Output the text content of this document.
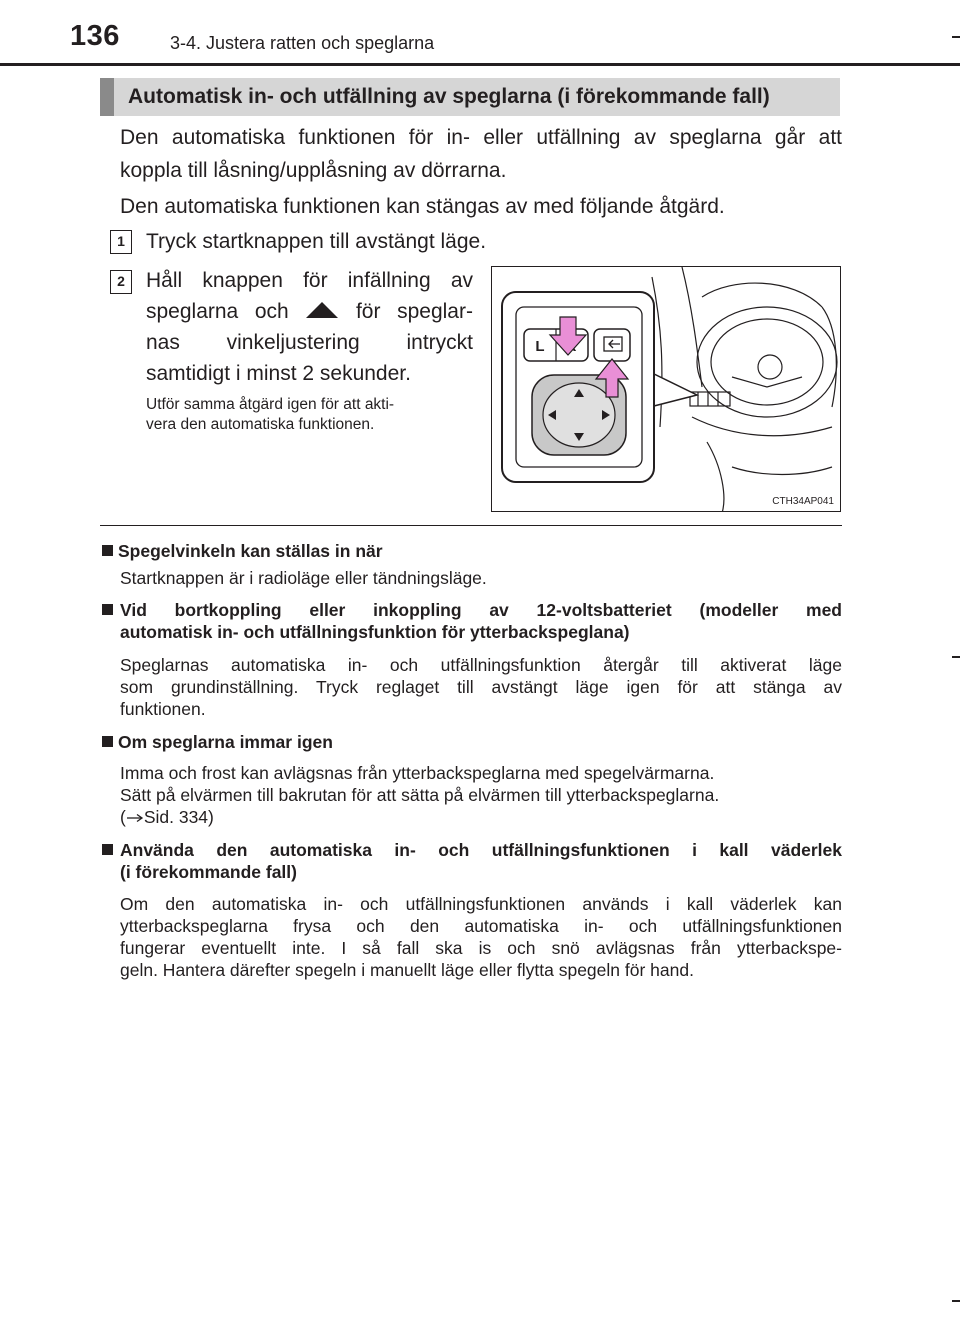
136	3-4. Justera ratten och speglarna
Automatisk in- och utfällning av speglarna (i förekommande fall)
Den automatiska funktionen för in- eller utfällning av speglarna går att
koppla till låsning/upplåsning av dörrarna.
Den automatiska funktionen kan stängas av med följande åtgärd.
1	Tryck startknappen till avstängt läge.
2	Håll knappen för infällning av
speglarna och	för speglar-
nas vinkeljustering intryckt
samtidigt i minst 2 sekunder.
Utför samma åtgärd igen för att akti-
vera den automatiska funktionen.
L
CTH34AP041
Spegelvinkeln kan ställas in när
Startknappen är i radioläge eller tändningsläge.
Vid bortkoppling eller inkoppling av 12-voltsbatteriet (modeller med
automatisk in- och utfällningsfunktion för ytterbackspeglana)
Speglarnas automatiska in- och utfällningsfunktion återgår till aktiverat läge
som grundinställning. Tryck reglaget till avstängt läge igen för att stänga av
funktionen.
Om speglarna immar igen
Imma och frost kan avlägsnas från ytterbackspeglarna med spegelvärmarna.
Sätt på elvärmen till bakrutan för att sätta på elvärmen till ytterbackspeglarna.
( Sid. 334)
Använda den automatiska in- och utfällningsfunktionen i kall väderlek
(i förekommande fall)
Om den automatiska in- och utfällningsfunktionen används i kall väderlek kan
ytterbackspeglarna frysa och den automatiska in- och utfällningsfunktionen
fungerar eventuellt inte. I så fall ska is och snö avlägsnas från ytterbackspe-
geln. Hantera därefter spegeln i manuellt läge eller flytta spegeln för hand.
